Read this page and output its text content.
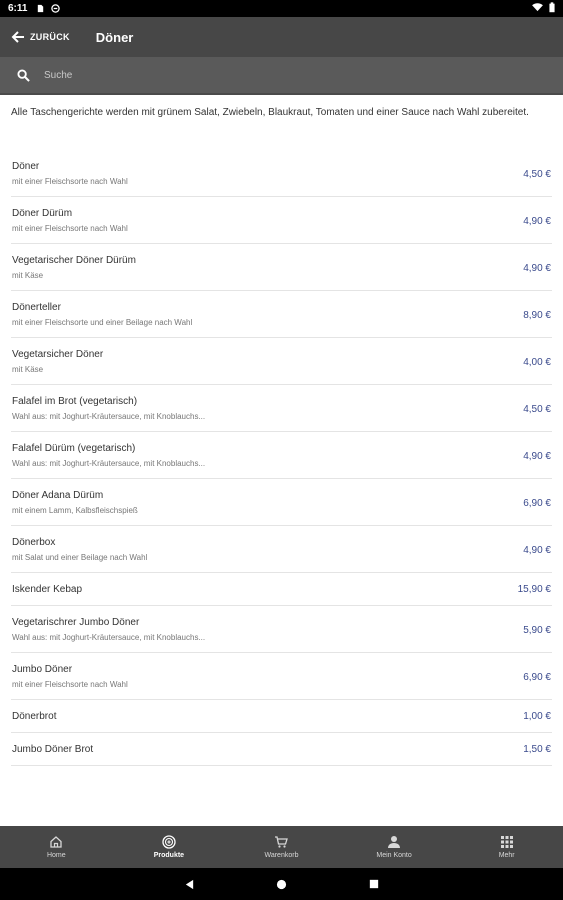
6:11
ZURÜCK Döner
Suche

Alle Taschengerichte werden mit grünem Salat, Zwiebeln, Blaukraut, Tomaten und einer Sauce nach Wahl zubereitet.

Döner
mit einer Fleischsorte nach Wahl
4,50 €
Döner Dürüm
mit einer Fleischsorte nach Wahl
4,90 €
Vegetarischer Döner Dürüm
mit Käse
4,90 €
Dönerteller
mit einer Fleischsorte und einer Beilage nach Wahl
8,90 €
Vegetarsicher Döner
mit Käse
4,00 €
Falafel im Brot (vegetarisch)
Wahl aus: mit Joghurt-Kräutersauce, mit Knoblauchs...
4,50 €
Falafel Dürüm (vegetarisch)
Wahl aus: mit Joghurt-Kräutersauce, mit Knoblauchs...
4,90 €
Döner Adana Dürüm
mit einem Lamm, Kalbsfleischspieß
6,90 €
Dönerbox
mit Salat und einer Beilage nach Wahl
4,90 €
Iskender Kebap	15,90 €
Vegetarischrer Jumbo Döner
Wahl aus: mit Joghurt-Kräutersauce, mit Knoblauchs...
5,90 €
Jumbo Döner
mit einer Fleischsorte nach Wahl
6,90 €
Dönerbrot	1,00 €
Jumbo Döner Brot	1,50 €
Home	Produkte	Warenkorb	Mein Konto	Mehr
